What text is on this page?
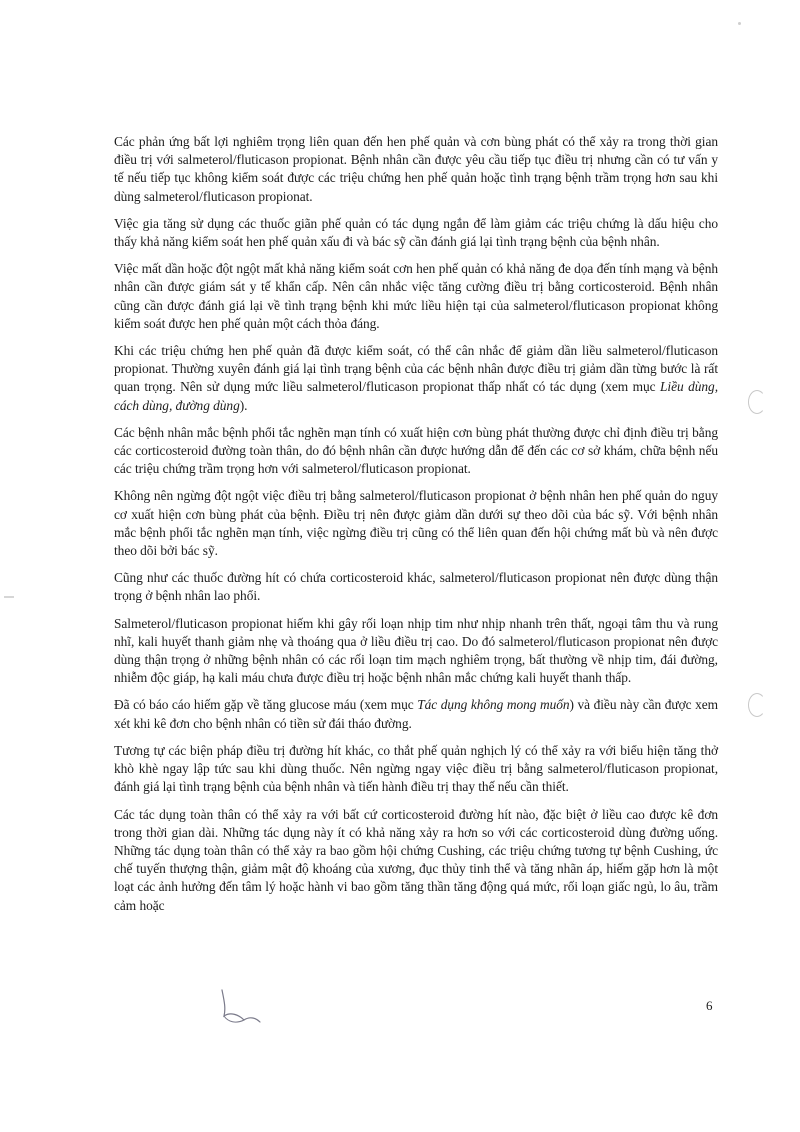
Các phản ứng bất lợi nghiêm trọng liên quan đến hen phế quản và cơn bùng phát có thể xảy ra trong thời gian điều trị với salmeterol/fluticason propionat. Bệnh nhân cần được yêu cầu tiếp tục điều trị nhưng cần có tư vấn y tế nếu tiếp tục không kiểm soát được các triệu chứng hen phế quản hoặc tình trạng bệnh trầm trọng hơn sau khi dùng salmeterol/fluticason propionat.

Việc gia tăng sử dụng các thuốc giãn phế quản có tác dụng ngắn để làm giảm các triệu chứng là dấu hiệu cho thấy khả năng kiểm soát hen phế quản xấu đi và bác sỹ cần đánh giá lại tình trạng bệnh của bệnh nhân.

Việc mất dần hoặc đột ngột mất khả năng kiểm soát cơn hen phế quản có khả năng đe dọa đến tính mạng và bệnh nhân cần được giám sát y tế khẩn cấp. Nên cân nhắc việc tăng cường điều trị bằng corticosteroid. Bệnh nhân cũng cần được đánh giá lại về tình trạng bệnh khi mức liều hiện tại của salmeterol/fluticason propionat không kiểm soát được hen phế quản một cách thỏa đáng.

Khi các triệu chứng hen phế quản đã được kiểm soát, có thể cân nhắc để giảm dần liều salmeterol/fluticason propionat. Thường xuyên đánh giá lại tình trạng bệnh của các bệnh nhân được điều trị giảm dần từng bước là rất quan trọng. Nên sử dụng mức liều salmeterol/fluticason propionat thấp nhất có tác dụng (xem mục Liều dùng, cách dùng, đường dùng).

Các bệnh nhân mắc bệnh phổi tắc nghẽn mạn tính có xuất hiện cơn bùng phát thường được chỉ định điều trị bằng các corticosteroid đường toàn thân, do đó bệnh nhân cần được hướng dẫn để đến các cơ sở khám, chữa bệnh nếu các triệu chứng trầm trọng hơn với salmeterol/fluticason propionat.

Không nên ngừng đột ngột việc điều trị bằng salmeterol/fluticason propionat ở bệnh nhân hen phế quản do nguy cơ xuất hiện cơn bùng phát của bệnh. Điều trị nên được giảm dần dưới sự theo dõi của bác sỹ. Với bệnh nhân mắc bệnh phổi tắc nghẽn mạn tính, việc ngừng điều trị cũng có thể liên quan đến hội chứng mất bù và nên được theo dõi bởi bác sỹ.

Cũng như các thuốc đường hít có chứa corticosteroid khác, salmeterol/fluticason propionat nên được dùng thận trọng ở bệnh nhân lao phổi.

Salmeterol/fluticason propionat hiếm khi gây rối loạn nhịp tim như nhịp nhanh trên thất, ngoại tâm thu và rung nhĩ, kali huyết thanh giảm nhẹ và thoáng qua ở liều điều trị cao. Do đó salmeterol/fluticason propionat nên được dùng thận trọng ở những bệnh nhân có các rối loạn tim mạch nghiêm trọng, bất thường về nhịp tim, đái đường, nhiễm độc giáp, hạ kali máu chưa được điều trị hoặc bệnh nhân mắc chứng kali huyết thanh thấp.

Đã có báo cáo hiếm gặp về tăng glucose máu (xem mục Tác dụng không mong muốn) và điều này cần được xem xét khi kê đơn cho bệnh nhân có tiền sử đái tháo đường.

Tương tự các biện pháp điều trị đường hít khác, co thắt phế quản nghịch lý có thể xảy ra với biểu hiện tăng thở khò khè ngay lập tức sau khi dùng thuốc. Nên ngừng ngay việc điều trị bằng salmeterol/fluticason propionat, đánh giá lại tình trạng bệnh của bệnh nhân và tiến hành điều trị thay thế nếu cần thiết.

Các tác dụng toàn thân có thể xảy ra với bất cứ corticosteroid đường hít nào, đặc biệt ở liều cao được kê đơn trong thời gian dài. Những tác dụng này ít có khả năng xảy ra hơn so với các corticosteroid dùng đường uống. Những tác dụng toàn thân có thể xảy ra bao gồm hội chứng Cushing, các triệu chứng tương tự bệnh Cushing, ức chế tuyến thượng thận, giảm mật độ khoáng của xương, đục thủy tinh thể và tăng nhãn áp, hiếm gặp hơn là một loạt các ảnh hưởng đến tâm lý hoặc hành vi bao gồm tăng thần tăng động quá mức, rối loạn giấc ngủ, lo âu, trầm cảm hoặc

6
